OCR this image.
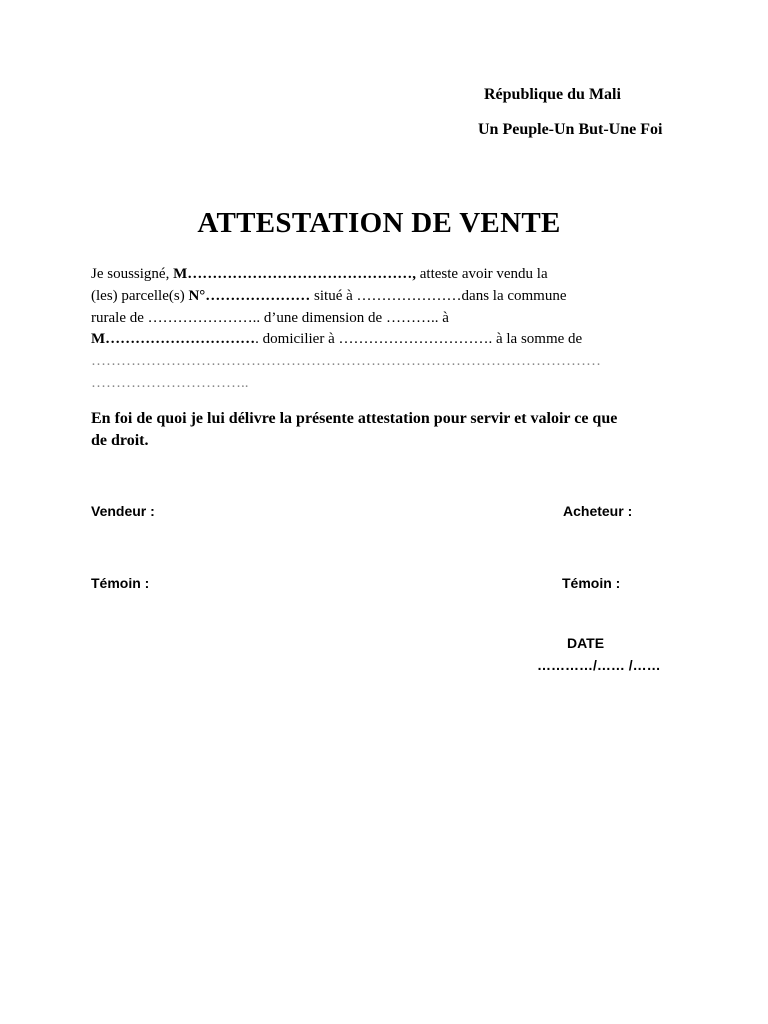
République du Mali
Un Peuple-Un But-Une Foi
ATTESTATION DE VENTE
Je soussigné, M………………………………………, atteste avoir vendu la
(les) parcelle(s) N°………………… situé à …………………dans la commune
rurale de ………………….. d’une dimension de ……….. à
M…………………………. domicilier à …………………………. à la somme de
…………………………………………………………………………………………
…………………………..
En foi de quoi je lui délivre la présente attestation pour servir et valoir ce que
de droit.
Vendeur :	Acheteur :
Témoin :	Témoin :
DATE
…………/…… /……
